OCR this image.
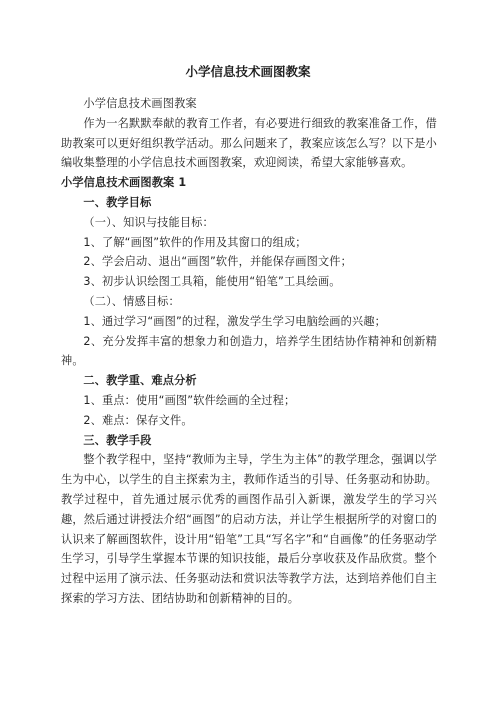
小学信息技术画图教案

小学信息技术画图教案

作为一名默默奉献的教育工作者，有必要进行细致的教案准备工作，借助教案可以更好组织教学活动。那么问题来了，教案应该怎么写？以下是小编收集整理的小学信息技术画图教案，欢迎阅读，希望大家能够喜欢。

小学信息技术画图教案 1

一、教学目标

（一）、知识与技能目标：

1、了解“画图”软件的作用及其窗口的组成；

2、学会启动、退出“画图”软件，并能保存画图文件；

3、初步认识绘图工具箱，能使用“铅笔”工具绘画。

（二）、情感目标：

1、通过学习“画图”的过程，激发学生学习电脑绘画的兴趣；

2、充分发挥丰富的想象力和创造力，培养学生团结协作精神和创新精神。

二、教学重、难点分析

1、重点：使用“画图”软件绘画的全过程；

2、难点：保存文件。

三、教学手段

整个教学程中，坚持“教师为主导，学生为主体”的教学理念，强调以学生为中心，以学生的自主探索为主，教师作适当的引导、任务驱动和协助。教学过程中，首先通过展示优秀的画图作品引入新课，激发学生的学习兴趣，然后通过讲授法介绍“画图”的启动方法，并让学生根据所学的对窗口的认识来了解画图软件，设计用“铅笔”工具“写名字”和“自画像”的任务驱动学生学习，引导学生掌握本节课的知识技能，最后分享收获及作品欣赏。整个过程中运用了演示法、任务驱动法和赏识法等教学方法，达到培养他们自主探索的学习方法、团结协助和创新精神的目的。
